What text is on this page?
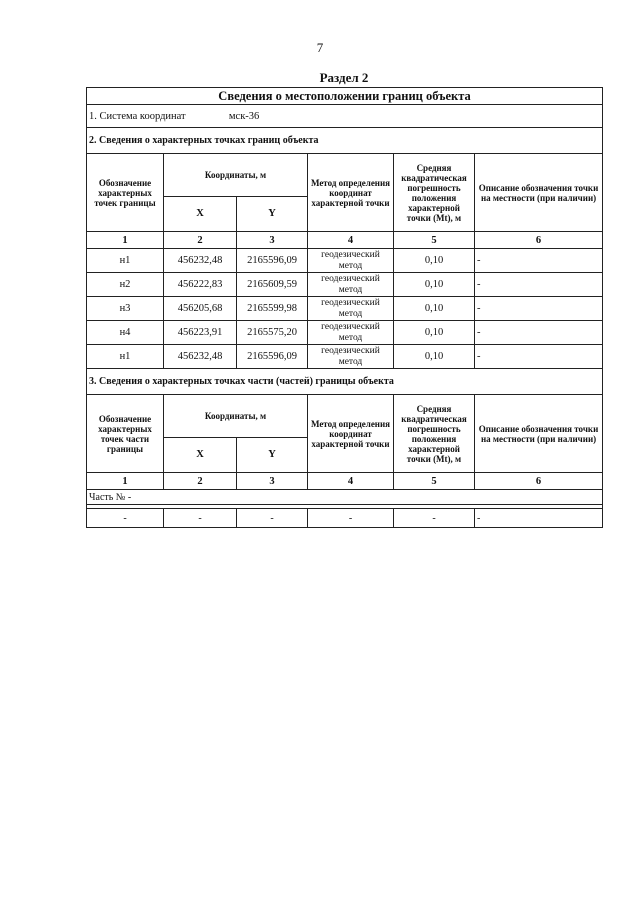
7
Раздел 2
Сведения о местоположении границ объекта					
1. Система координат мск-36					
2. Сведения о характерных точках границ объекта					
Обозначение характерных точек границы	Координаты, м		Метод определения координат характерной точки	Средняя квадратическая погрешность положения характерной точки (Mt), м	Описание обозначения точки на местности (при наличии)
	X	Y			
1	2	3	4	5	6
н1	456232,48	2165596,09	геодезический метод	0,10	-
н2	456222,83	2165609,59	геодезический метод	0,10	-
н3	456205,68	2165599,98	геодезический метод	0,10	-
н4	456223,91	2165575,20	геодезический метод	0,10	-
н1	456232,48	2165596,09	геодезический метод	0,10	-
3. Сведения о характерных точках части (частей) границы объекта					
Обозначение характерных точек части границы	Координаты, м		Метод определения координат характерной точки	Средняя квадратическая погрешность положения характерной точки (Mt), м	Описание обозначения точки на местности (при наличии)
	X	Y			
1	2	3	4	5	6
Часть № -					

-	-	-	-	-	-
